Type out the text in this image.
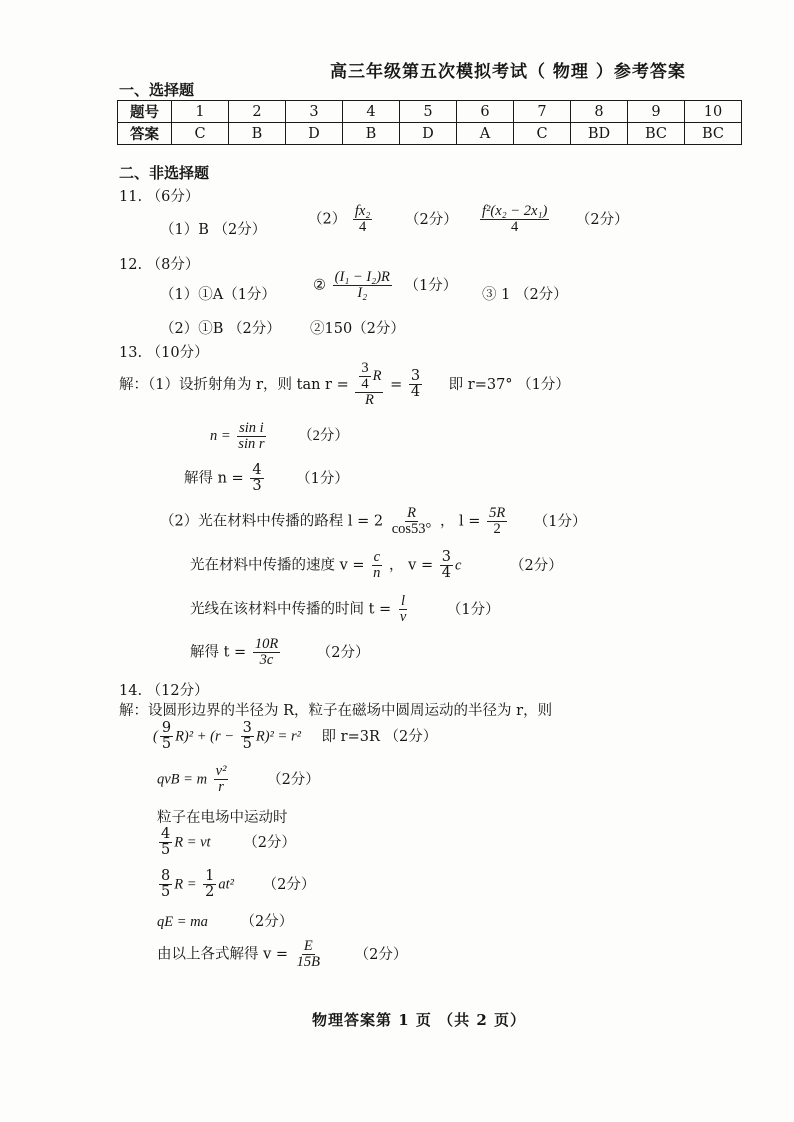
高三年级第五次模拟考试（ 物理 ）参考答案
一、选择题
题号	1	2	3	4	5	6	7	8	9	10
答案	C	B	D	B	D	A	C	BD	BC	BC
二、非选择题
11. （6分）
（1）B （2分）
$(2) \frac{\text{fx₂}}{4} (2$分） $\frac{\text{f²(x₂ − 2x₁)}}{4} (2$分）
12. （8分）
（1）①A（1分）
② $\frac{\text{(I₁ − I₂)R}}{\text{I₂}} (1$分）
③ 1 （2分）
（2）①B （2分） ②150（2分）
13. （10分）
解：（1）设折射角为 r，则 $\tan r = \frac{\frac{3}{4} R}{R} = \frac{3}{4}$ 即 r=37° （1分）
$n = \frac{\text{sin i}}{\text{sin r}} (2$分）
解得 $n = \frac{4}{3} (1$分）
（2）光在材料中传播的路程 $l = 2 \frac{R}{\cos 53^\circ}$ ， $l = \frac{5R}{2} (1$分）
光在材料中传播的速度 $v = \frac{c}{n}$ ， $v = \frac{3}{4}$ c	（2分）
光线在该材料中传播的时间 $t = \frac{l}{v}$	（1分）
解得 $t = \frac{10R}{3c}$	（2分）
14. （12分）
解：设圆形边界的半径为 R，粒子在磁场中圆周运动的半径为 r，则
( $\frac{9}{5} R)^2 + (r - \frac{3}{5} R)^2 = r^2$ 即 r=3R （2分）
qvB = m $\frac{\text{v²}}{r}$	（2分）
粒子在电场中运动时
$\frac{4}{5}$ R = vt （2分）
$\frac{8}{5}$ $R = \frac{1}{2} at^2$ （2分）
qE = ma （2分）
由以上各式解得 $v = \frac{E}{15B} (2$分）
物理答案第 1 页 （共 2 页）
